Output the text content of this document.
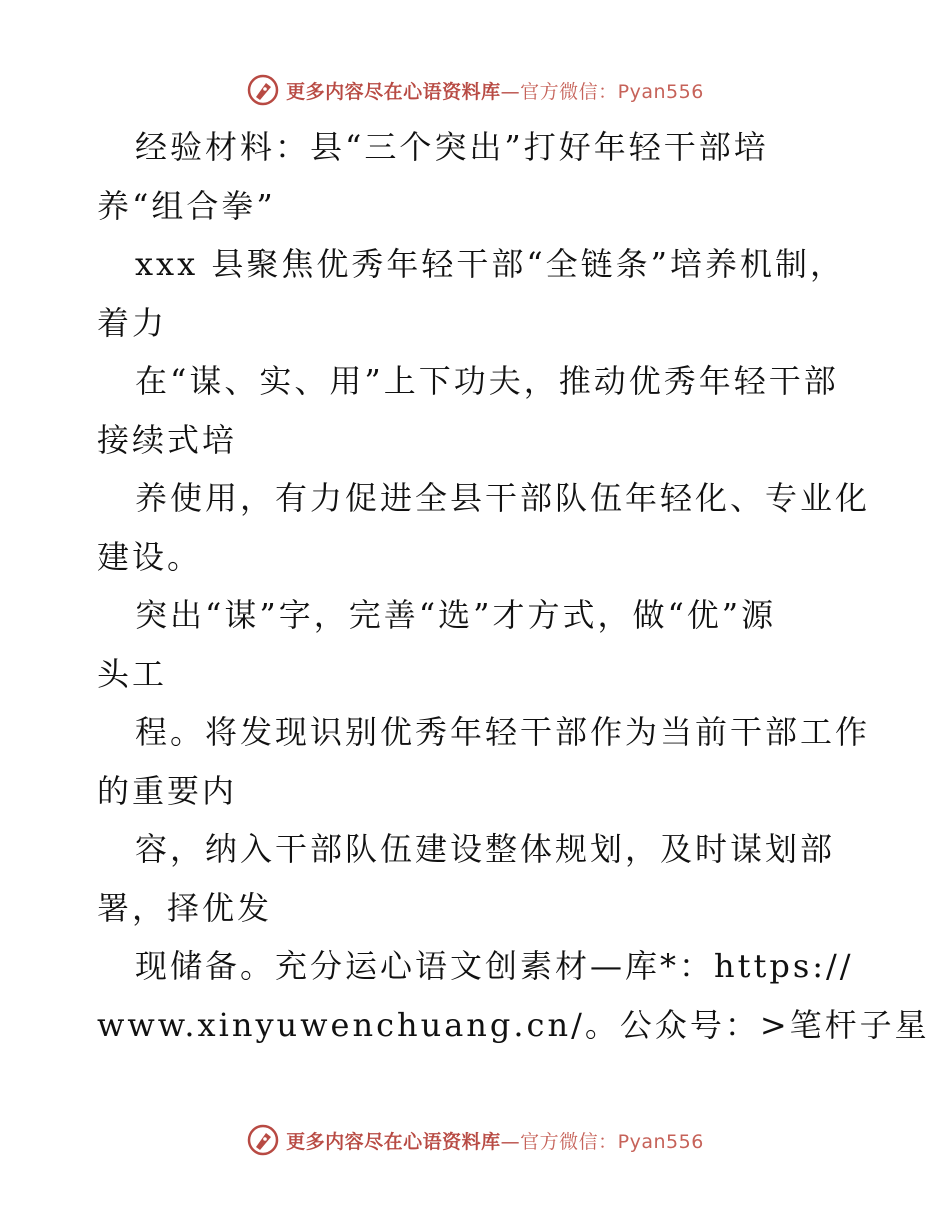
更多内容尽在心语资料库—官方微信：Pyan556
经验材料：县“三个突出”打好年轻干部培
养“组合拳”
xxx 县聚焦优秀年轻干部“全链条”培养机制，
着力
在“谋、实、用”上下功夫，推动优秀年轻干部
接续式培
养使用，有力促进全县干部队伍年轻化、专业化
建设。
突出“谋”字，完善“选”才方式，做“优”源
头工
程。将发现识别优秀年轻干部作为当前干部工作
的重要内
容，纳入干部队伍建设整体规划，及时谋划部
署，择优发
现储备。充分运心语文创素材—库*：https://
www.xinyuwenchuang.cn/。公众号：>笔杆子星
更多内容尽在心语资料库—官方微信：Pyan556
